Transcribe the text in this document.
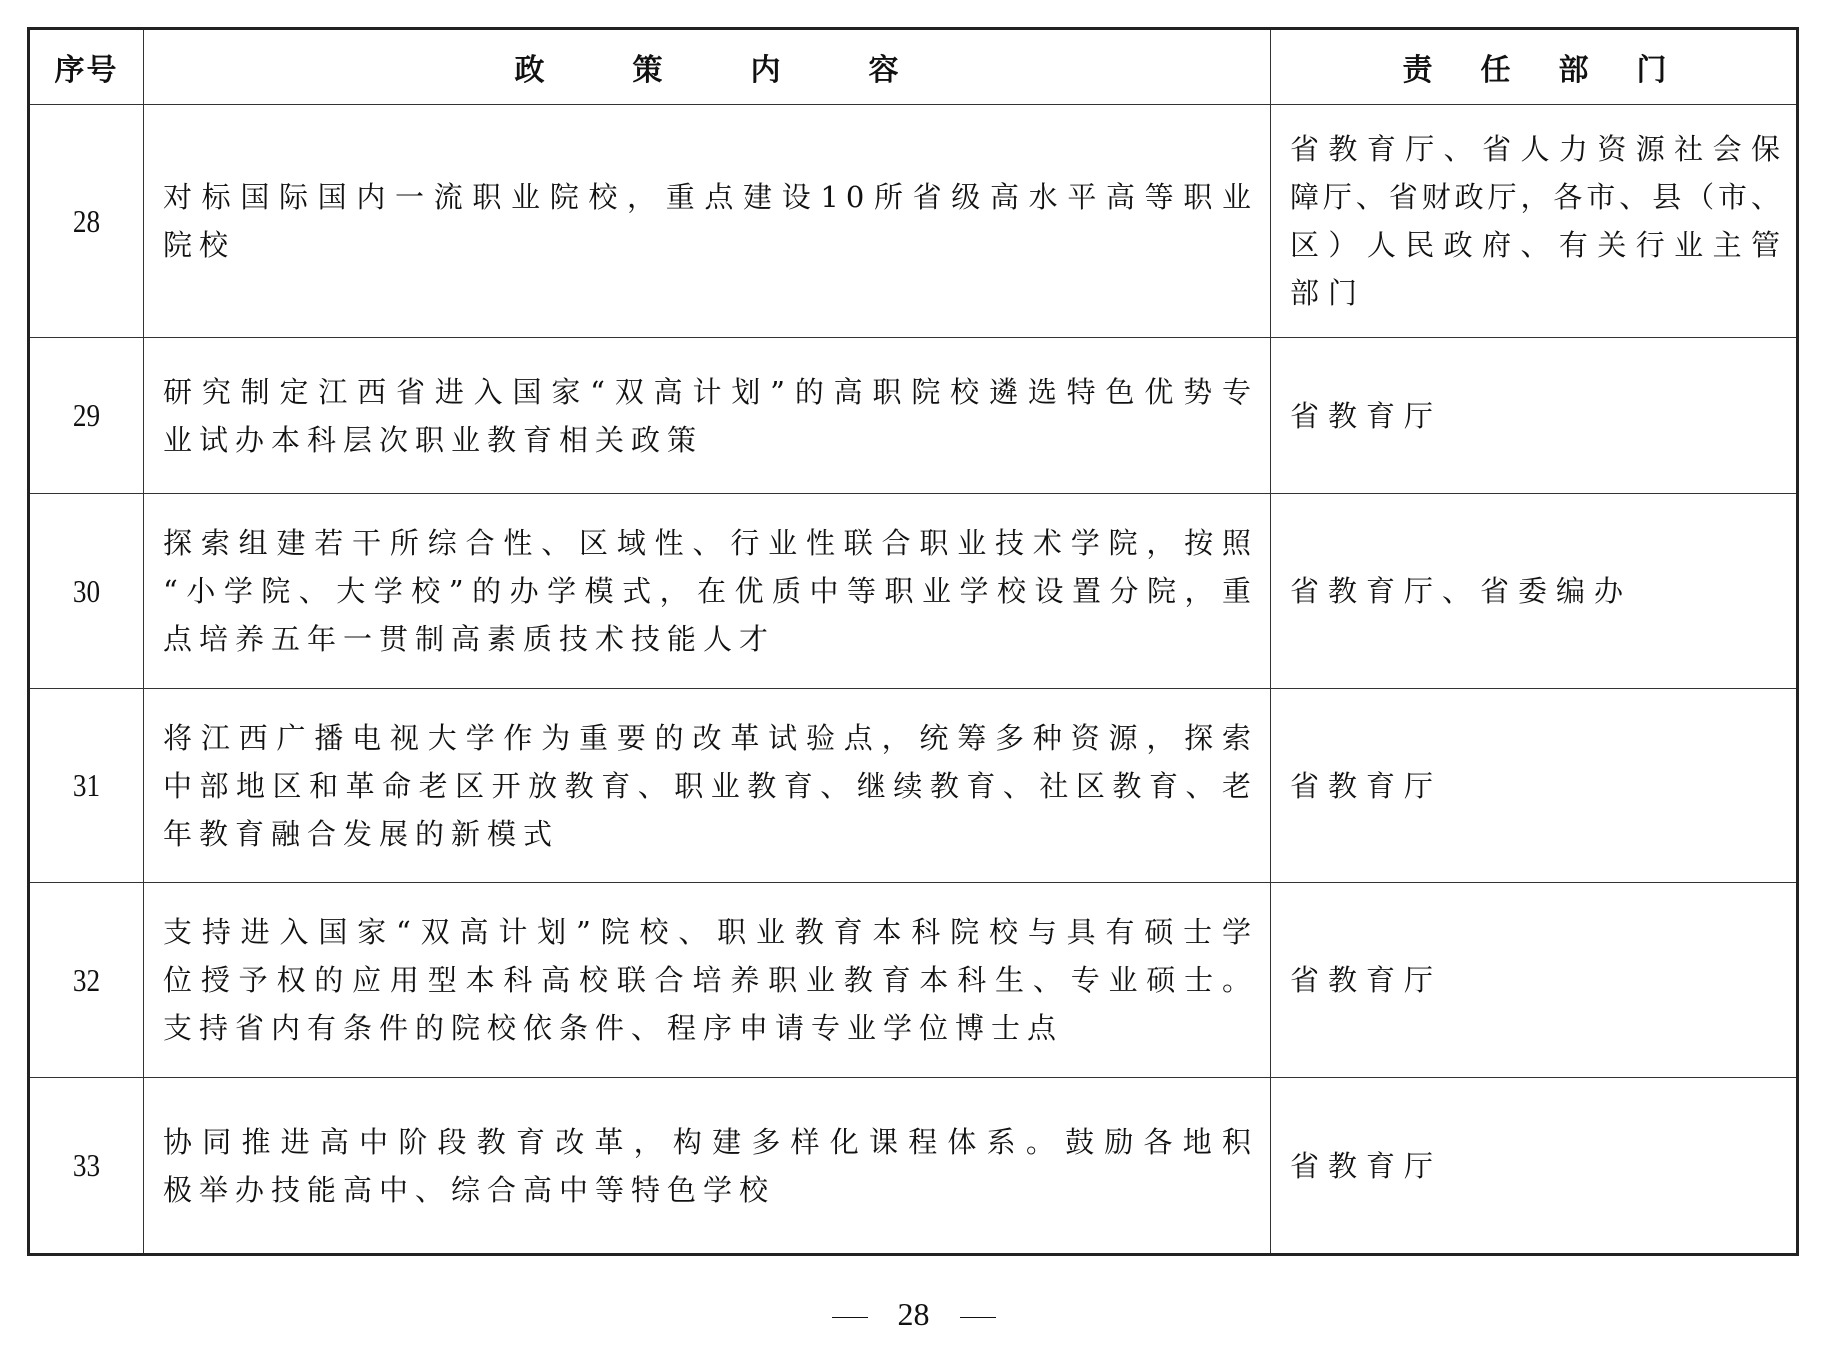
序号	政策内容	责任部门
28
对标国际国内一流职业院校，重点建设10所省级高水平高等职业
院校
省教育厅、省人力资源社会保
障厅、省财政厅，各市、县（市、
区）人民政府、有关行业主管
部门
29
研究制定江西省进入国家“双高计划”的高职院校遴选特色优势专
业试办本科层次职业教育相关政策
省教育厅
30
探索组建若干所综合性、区域性、行业性联合职业技术学院，按照
“小学院、大学校”的办学模式，在优质中等职业学校设置分院，重
点培养五年一贯制高素质技术技能人才
省教育厅、省委编办
31
将江西广播电视大学作为重要的改革试验点，统筹多种资源，探索
中部地区和革命老区开放教育、职业教育、继续教育、社区教育、老
年教育融合发展的新模式
省教育厅
32
支持进入国家“双高计划”院校、职业教育本科院校与具有硕士学
位授予权的应用型本科高校联合培养职业教育本科生、专业硕士。
支持省内有条件的院校依条件、程序申请专业学位博士点
省教育厅
33
协同推进高中阶段教育改革，构建多样化课程体系。鼓励各地积
极举办技能高中、综合高中等特色学校
省教育厅
28
